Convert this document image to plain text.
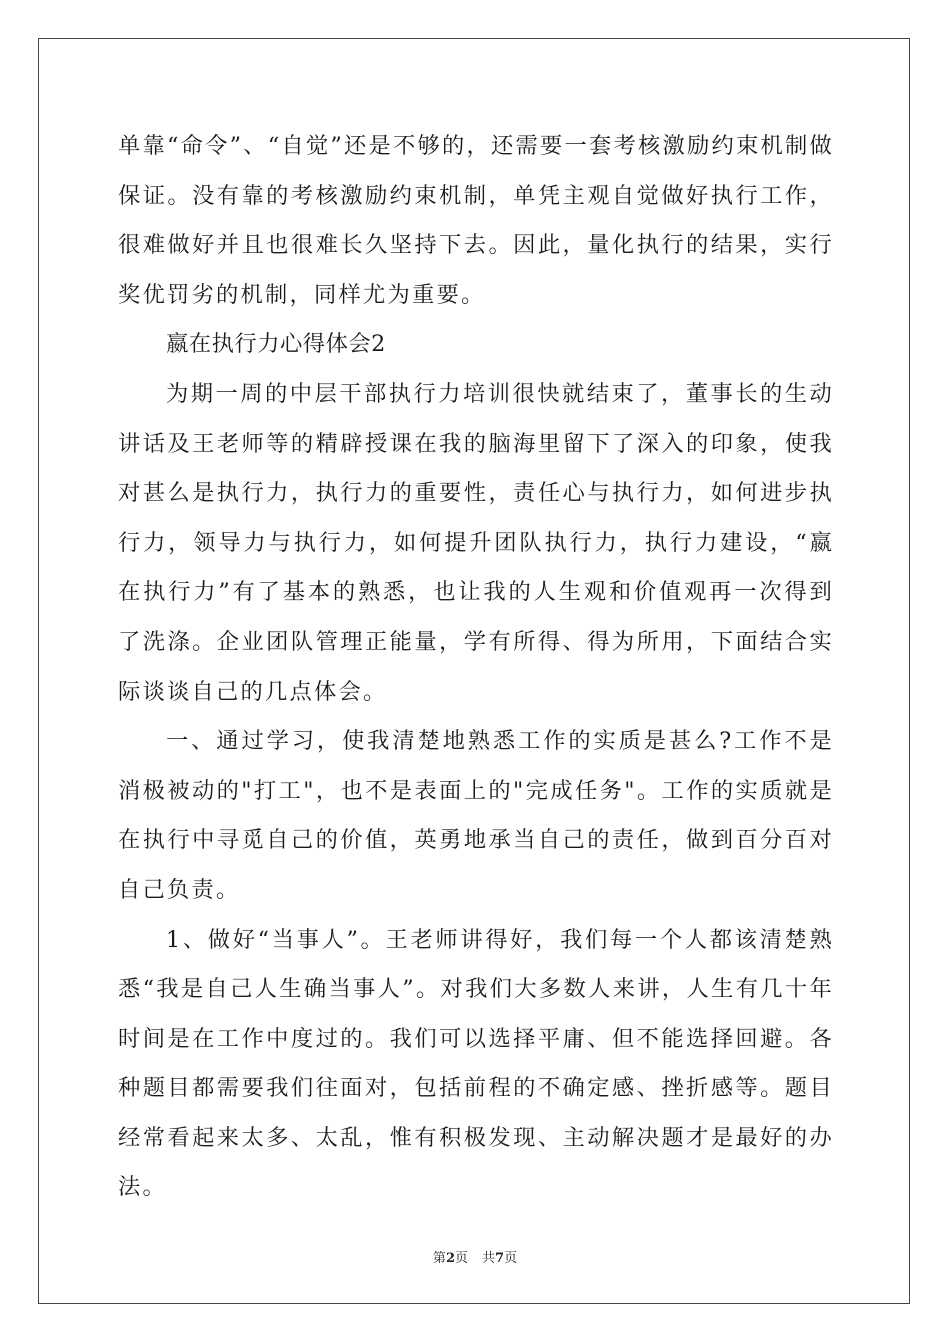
单靠“命令”、“自觉”还是不够的，还需要一套考核激励约束机制做保证。没有靠的考核激励约束机制，单凭主观自觉做好执行工作，很难做好并且也很难长久坚持下去。因此，量化执行的结果，实行奖优罚劣的机制，同样尤为重要。

嬴在执行力心得体会2

为期一周的中层干部执行力培训很快就结束了，董事长的生动讲话及王老师等的精辟授课在我的脑海里留下了深入的印象，使我对甚么是执行力，执行力的重要性，责任心与执行力，如何进步执行力，领导力与执行力，如何提升团队执行力，执行力建设，“嬴在执行力”有了基本的熟悉，也让我的人生观和价值观再一次得到了洗涤。企业团队管理正能量，学有所得、得为所用，下面结合实际谈谈自己的几点体会。

一、通过学习，使我清楚地熟悉工作的实质是甚么?工作不是消极被动的"打工"，也不是表面上的"完成任务"。工作的实质就是在执行中寻觅自己的价值，英勇地承当自己的责任，做到百分百对自己负责。

1、做好“当事人”。王老师讲得好，我们每一个人都该清楚熟悉“我是自己人生确当事人”。对我们大多数人来讲，人生有几十年时间是在工作中度过的。我们可以选择平庸、但不能选择回避。各种题目都需要我们往面对，包括前程的不确定感、挫折感等。题目经常看起来太多、太乱，惟有积极发现、主动解决题才是最好的办法。

第2页 共7页
